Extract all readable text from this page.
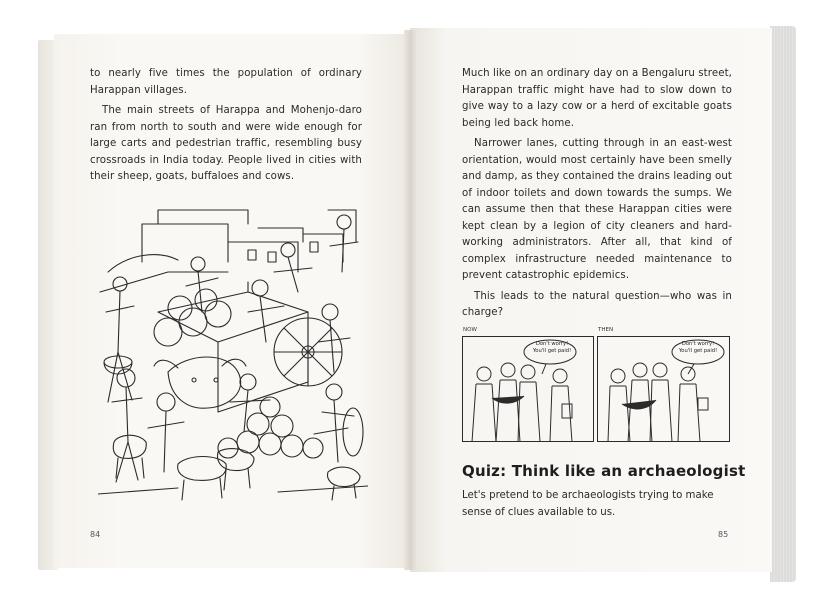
to nearly five times the population of ordinary Harappan villages.

The main streets of Harappa and Mohenjo-daro ran from north to south and were wide enough for large carts and pedestrian traffic, resembling busy crossroads in India today. People lived in cities with their sheep, goats, buffaloes and cows.

84

Much like on an ordinary day on a Bengaluru street, Harappan traffic might have had to slow down to give way to a lazy cow or a herd of excitable goats being led back home.

Narrower lanes, cutting through in an east-west orientation, would most certainly have been smelly and damp, as they contained the drains leading out of indoor toilets and down towards the sumps. We can assume then that these Harappan cities were kept clean by a legion of city cleaners and hard-working administrators. After all, that kind of complex infrastructure needed maintenance to prevent catastrophic epidemics.

This leads to the natural question—who was in charge?

NOW	THEN
Don't worry!
You'll get paid!
Don't worry!
You'll get paid!
Quiz: Think like an archaeologist
Let's pretend to be archaeologists trying to make sense of clues available to us.
85
